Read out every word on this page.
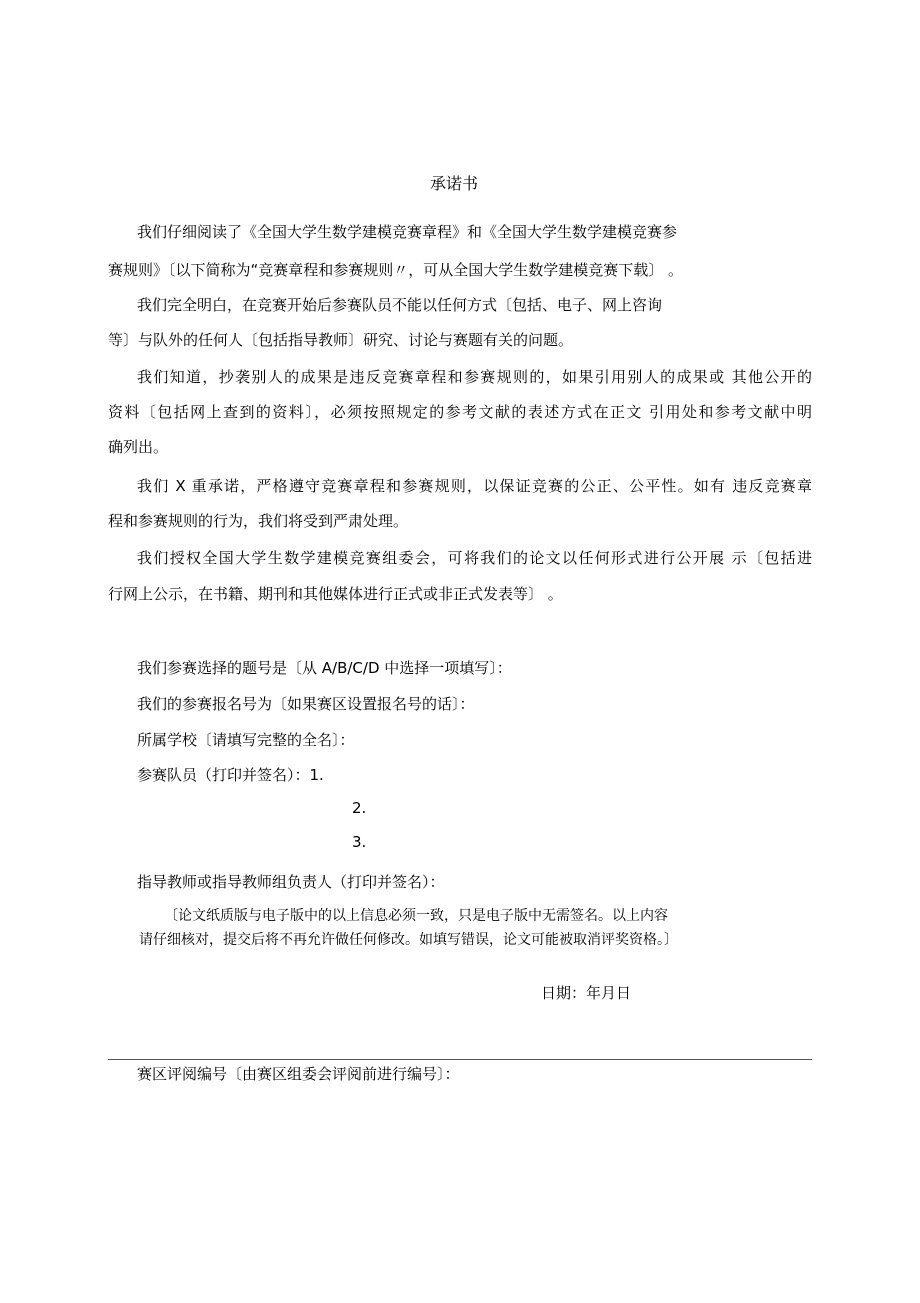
承诺书
我们仔细阅读了《全国大学生数学建模竞赛章程》和《全国大学生数学建模竞赛参
赛规则》〔以下简称为“竞赛章程和参赛规则〃，可从全国大学生数学建模竞赛下载〕 。
我们完全明白，在竞赛开始后参赛队员不能以任何方式〔包括、电子、网上咨询
等〕与队外的任何人〔包括指导教师〕研究、讨论与赛题有关的问题。
我们知道，抄袭别人的成果是违反竞赛章程和参赛规则的，如果引用别人的成果或 其他公开的
资料〔包括网上查到的资料〕，必须按照规定的参考文献的表述方式在正文 引用处和参考文献中明
确列出。
我们 X 重承诺，严格遵守竞赛章程和参赛规则，以保证竞赛的公正、公平性。如有 违反竞赛章
程和参赛规则的行为，我们将受到严肃处理。
我们授权全国大学生数学建模竞赛组委会，可将我们的论文以任何形式进行公开展 示〔包括进
行网上公示，在书籍、期刊和其他媒体进行正式或非正式发表等〕 。
我们参赛选择的题号是〔从 A/B/C/D 中选择一项填写〕：
我们的参赛报名号为〔如果赛区设置报名号的话〕：
所属学校〔请填写完整的全名〕：
参赛队员（打印并签名）：1.
2.
3.
指导教师或指导教师组负责人（打印并签名）：
〔论文纸质版与电子版中的以上信息必须一致，只是电子版中无需签名。以上内容
请仔细核对，提交后将不再允许做任何修改。如填写错误，论文可能被取消评奖资格。〕
日期：年月日
赛区评阅编号〔由赛区组委会评阅前进行编号〕：
